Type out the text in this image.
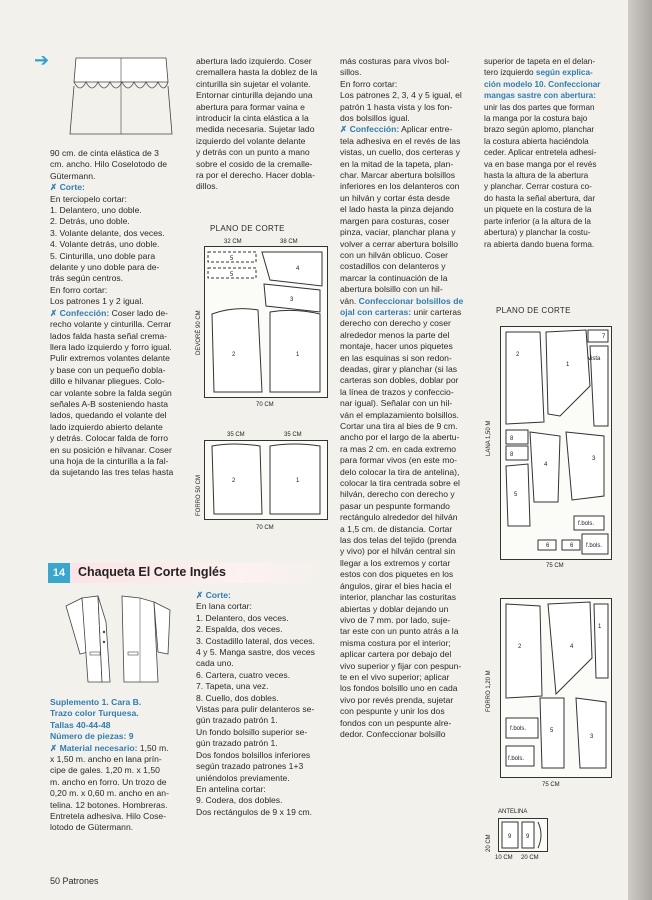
➔

90 cm. de cinta elástica de 3

cm. ancho. Hilo Coselotodo de

Gütermann.

✗ Corte:

En terciopelo cortar:

1. Delantero, uno doble.

2. Detrás, uno doble.

3. Volante delante, dos veces.

4. Volante detrás, uno doble.

5. Cinturilla, uno doble para

delante y uno doble para de-

trás según centros.

En forro cortar:

Los patrones 1 y 2 igual.

✗ Confección: Coser lado de-

recho volante y cinturilla. Cerrar

lados falda hasta señal crema-

llera lado izquierdo y forro igual.

Pulir extremos volantes delante

y base con un pequeño dobla-

dillo e hilvanar pliegues. Colo-

car volante sobre la falda según

señales A-B sosteniendo hasta

lados, quedando el volante del

lado izquierdo abierto delante

y detrás. Colocar falda de forro

en su posición e hilvanar. Coser

una hoja de la cinturilla a la fal-

da sujetando las tres telas hasta

abertura lado izquierdo. Coser

cremallera hasta la doblez de la

cinturilla sin sujetar el volante.

Entornar cinturilla dejando una

abertura para formar vaina e

introducir la cinta elástica a la

medida necesaria. Sujetar lado

izquierdo del volante delante

y detrás con un punto a mano

sobre el cosido de la cremalle-

ra por el derecho. Hacer dobla-

dillos.

PLANO DE CORTE
32 CM	38 CM
DEVORÉ 90 CM
5
5
4
3
2	1
70 CM
35 CM	35 CM
FORRO 50 CM	2	1
70 CM
14	Chaqueta El Corte Inglés

Suplemento 1. Cara B.

Trazo color Turquesa.

Tallas 40-44-48

Número de piezas: 9

✗ Material necesario: 1,50 m.

x 1,50 m. ancho en lana prín-

cipe de gales. 1,20 m. x 1,50

m. ancho en forro. Un trozo de

0,20 m. x 0,60 m. ancho en an-

telina. 12 botones. Hombreras.

Entretela adhesiva. Hilo Cose-

lotodo de Gütermann.

✗ Corte:

En lana cortar:

1. Delantero, dos veces.

2. Espalda, dos veces.

3. Costadillo lateral, dos veces.

4 y 5. Manga sastre, dos veces

cada uno.

6. Cartera, cuatro veces.

7. Tapeta, una vez.

8. Cuello, dos dobles.

Vistas para pulir delanteros se-

gún trazado patrón 1.

Un fondo bolsillo superior se-

gún trazado patrón 1.

Dos fondos bolsillos inferiores

según trazado patrones 1+3

uniéndolos previamente.

En antelina cortar:

9. Codera, dos dobles.

Dos rectángulos de 9 x 19 cm.

más costuras para vivos bol-

sillos.

En forro cortar:

Los patrones 2, 3, 4 y 5 igual, el

patrón 1 hasta vista y los fon-

dos bolsillos igual.

✗ Confección: Aplicar entre-

tela adhesiva en el revés de las

vistas, un cuello, dos certeras y

en la mitad de la tapeta, plan-

char. Marcar abertura bolsillos

inferiores en los delanteros con

un hilván y cortar ésta desde

el lado hasta la pinza dejando

margen para costuras, coser

pinza, vaciar, planchar plana y

volver a cerrar abertura bolsillo

con un hilván oblicuo. Coser

costadillos con delanteros y

marcar la continuación de la

abertura bolsillo con un hil-

ván. Confeccionar bolsillos de

ojal con carteras: unir carteras

derecho con derecho y coser

alrededor menos la parte del

montaje, hacer unos piquetes

en las esquinas si son redon-

deadas, girar y planchar (si las

carteras son dobles, doblar por

la línea de trazos y confeccio-

nar igual). Señalar con un hil-

ván el emplazamiento bolsillos.

Cortar una tira al bies de 9 cm.

ancho por el largo de la abertu-

ra mas 2 cm. en cada extremo

para formar vivos (en este mo-

delo colocar la tira de antelina),

colocar la tira centrada sobre el

hilván, derecho con derecho y

pasar un pespunte formando

rectángulo alrededor del hilván

a 1,5 cm. de distancia. Cortar

las dos telas del tejido (prenda

y vivo) por el hilván central sin

llegar a los extremos y cortar

estos con dos piquetes en los

ángulos, girar el bies hacia el

interior, planchar las costuritas

abiertas y doblar dejando un

vivo de 7 mm. por lado, suje-

tar este con un punto atrás a la

misma costura por el interior;

aplicar cartera por debajo del

vivo superior y fijar con pespun-

te en el vivo superior; aplicar

los fondos bolsillo uno en cada

vivo por revés prenda, sujetar

con pespunte y unir los dos

fondos con un pespunte alre-

dedor. Confeccionar bolsillo

superior de tapeta en el delan-

tero izquierdo según explica-

ción modelo 10. Confeccionar

mangas sastre con abertura:

unir las dos partes que forman

la manga por la costura bajo

brazo según aplomo, planchar

la costura abierta haciéndola

ceder. Aplicar entretela adhesi-

va en base manga por el revés

hasta la altura de la abertura

y planchar. Cerrar costura co-

do hasta la señal abertura, dar

un piquete en la costura de la

parte inferior (a la altura de la

abertura) y planchar la costu-

ra abierta dando buena forma.

PLANO DE CORTE
LANA 1,50 M
2
1
7
8
8
4
3
5
6	6
vista
f.bols.
f.bols.
75 CM
FORRO 1,20 M
2	4
1
5
3
f.bols.
f.bols.
75 CM
ANTELINA
20 CM	9 9
10 CM 20 CM
50 Patrones
